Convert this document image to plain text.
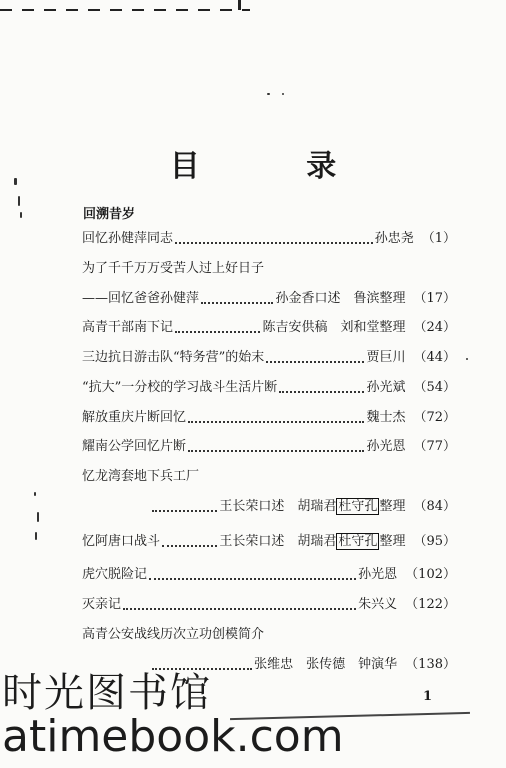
目 录
回溯昔岁
回忆孙健萍同志	孙忠尧 （1）
为了千千万万受苦人过上好日子
——回忆爸爸孙健萍	孙金香口述　鲁滨整理 （17）
高青干部南下记	陈吉安供稿　刘和堂整理 （24）
三边抗日游击队“特务营”的始末	贾巨川 （44）
“抗大”一分校的学习战斗生活片断	孙光斌 （54）
解放重庆片断回忆	魏士杰 （72）
耀南公学回忆片断	孙光恩 （77）
忆龙湾套地下兵工厂
王长荣口述　胡瑞君 杜守孔 整理 （84）
忆阿唐口战斗	王长荣口述　胡瑞君 杜守孔 整理 （95）
虎穴脱险记	孙光恩 （102）
灭亲记	朱兴义 （122）
高青公安战线历次立功创模简介
张维忠　张传德　钟演华 （138）
1
时光图书馆
atimebook.com
